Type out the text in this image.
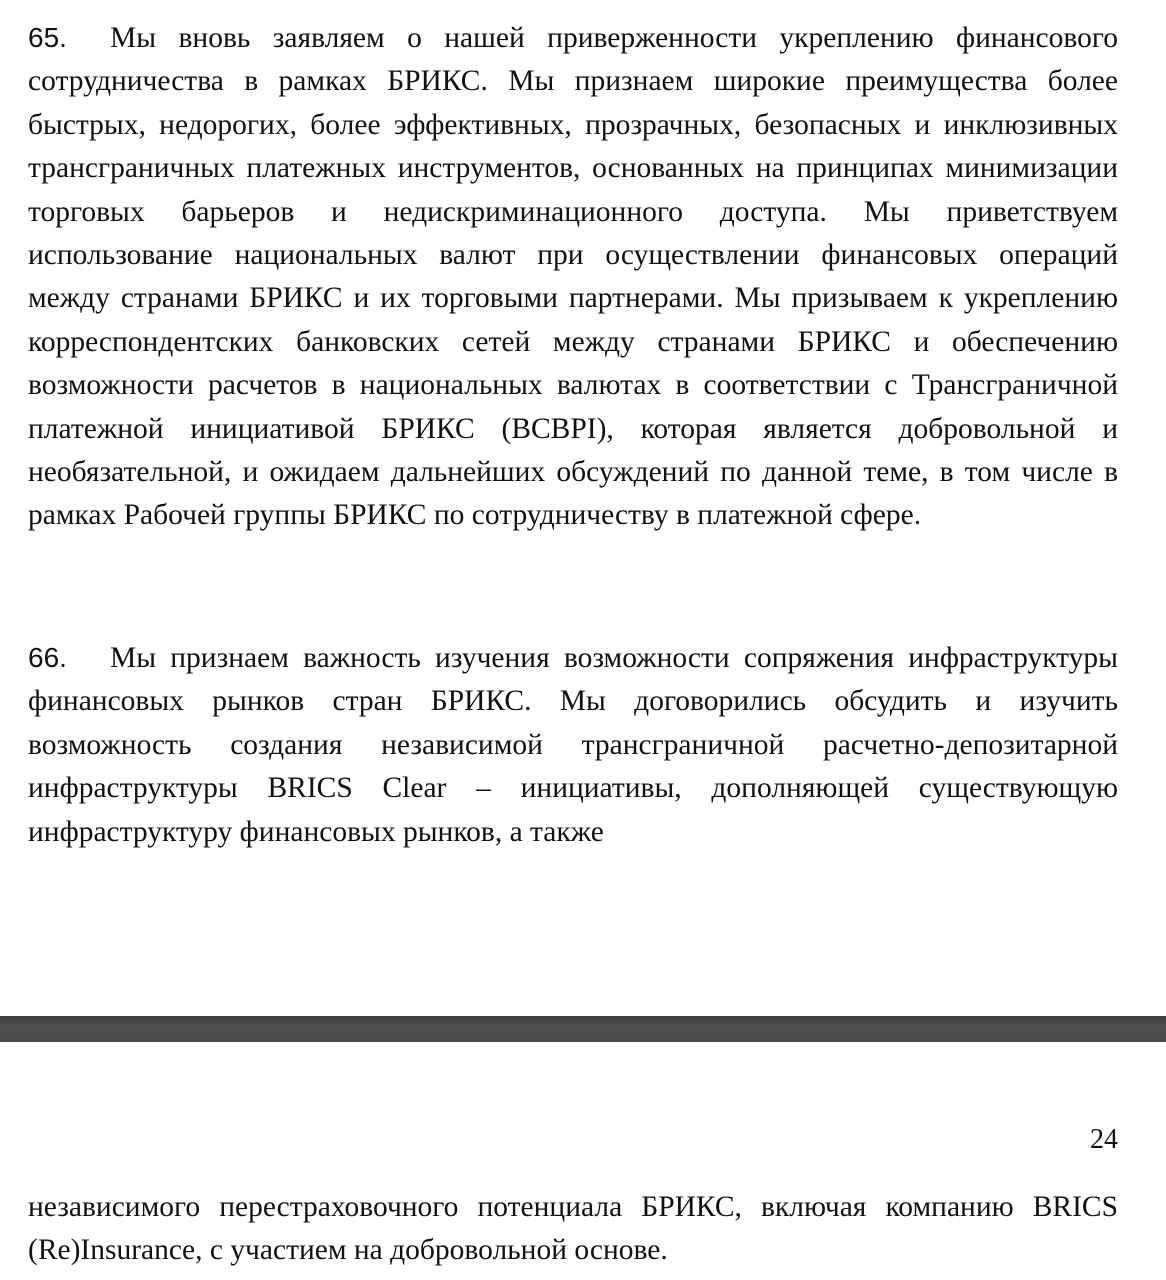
65. Мы вновь заявляем о нашей приверженности укреплению финансового сотрудничества в рамках БРИКС. Мы признаем широкие преимущества более быстрых, недорогих, более эффективных, прозрачных, безопасных и инклюзивных трансграничных платежных инструментов, основанных на принципах минимизации торговых барьеров и недискриминационного доступа. Мы приветствуем использование национальных валют при осуществлении финансовых операций между странами БРИКС и их торговыми партнерами. Мы призываем к укреплению корреспондентских банковских сетей между странами БРИКС и обеспечению возможности расчетов в национальных валютах в соответствии с Трансграничной платежной инициативой БРИКС (BCBPI), которая является добровольной и необязательной, и ожидаем дальнейших обсуждений по данной теме, в том числе в рамках Рабочей группы БРИКС по сотрудничеству в платежной сфере.

66. Мы признаем важность изучения возможности сопряжения инфраструктуры финансовых рынков стран БРИКС. Мы договорились обсудить и изучить возможность создания независимой трансграничной расчетно-депозитарной инфраструктуры BRICS Clear – инициативы, дополняющей существующую инфраструктуру финансовых рынков, а также

24

независимого перестраховочного потенциала БРИКС, включая компанию BRICS (Re)Insurance, с участием на добровольной основе.
